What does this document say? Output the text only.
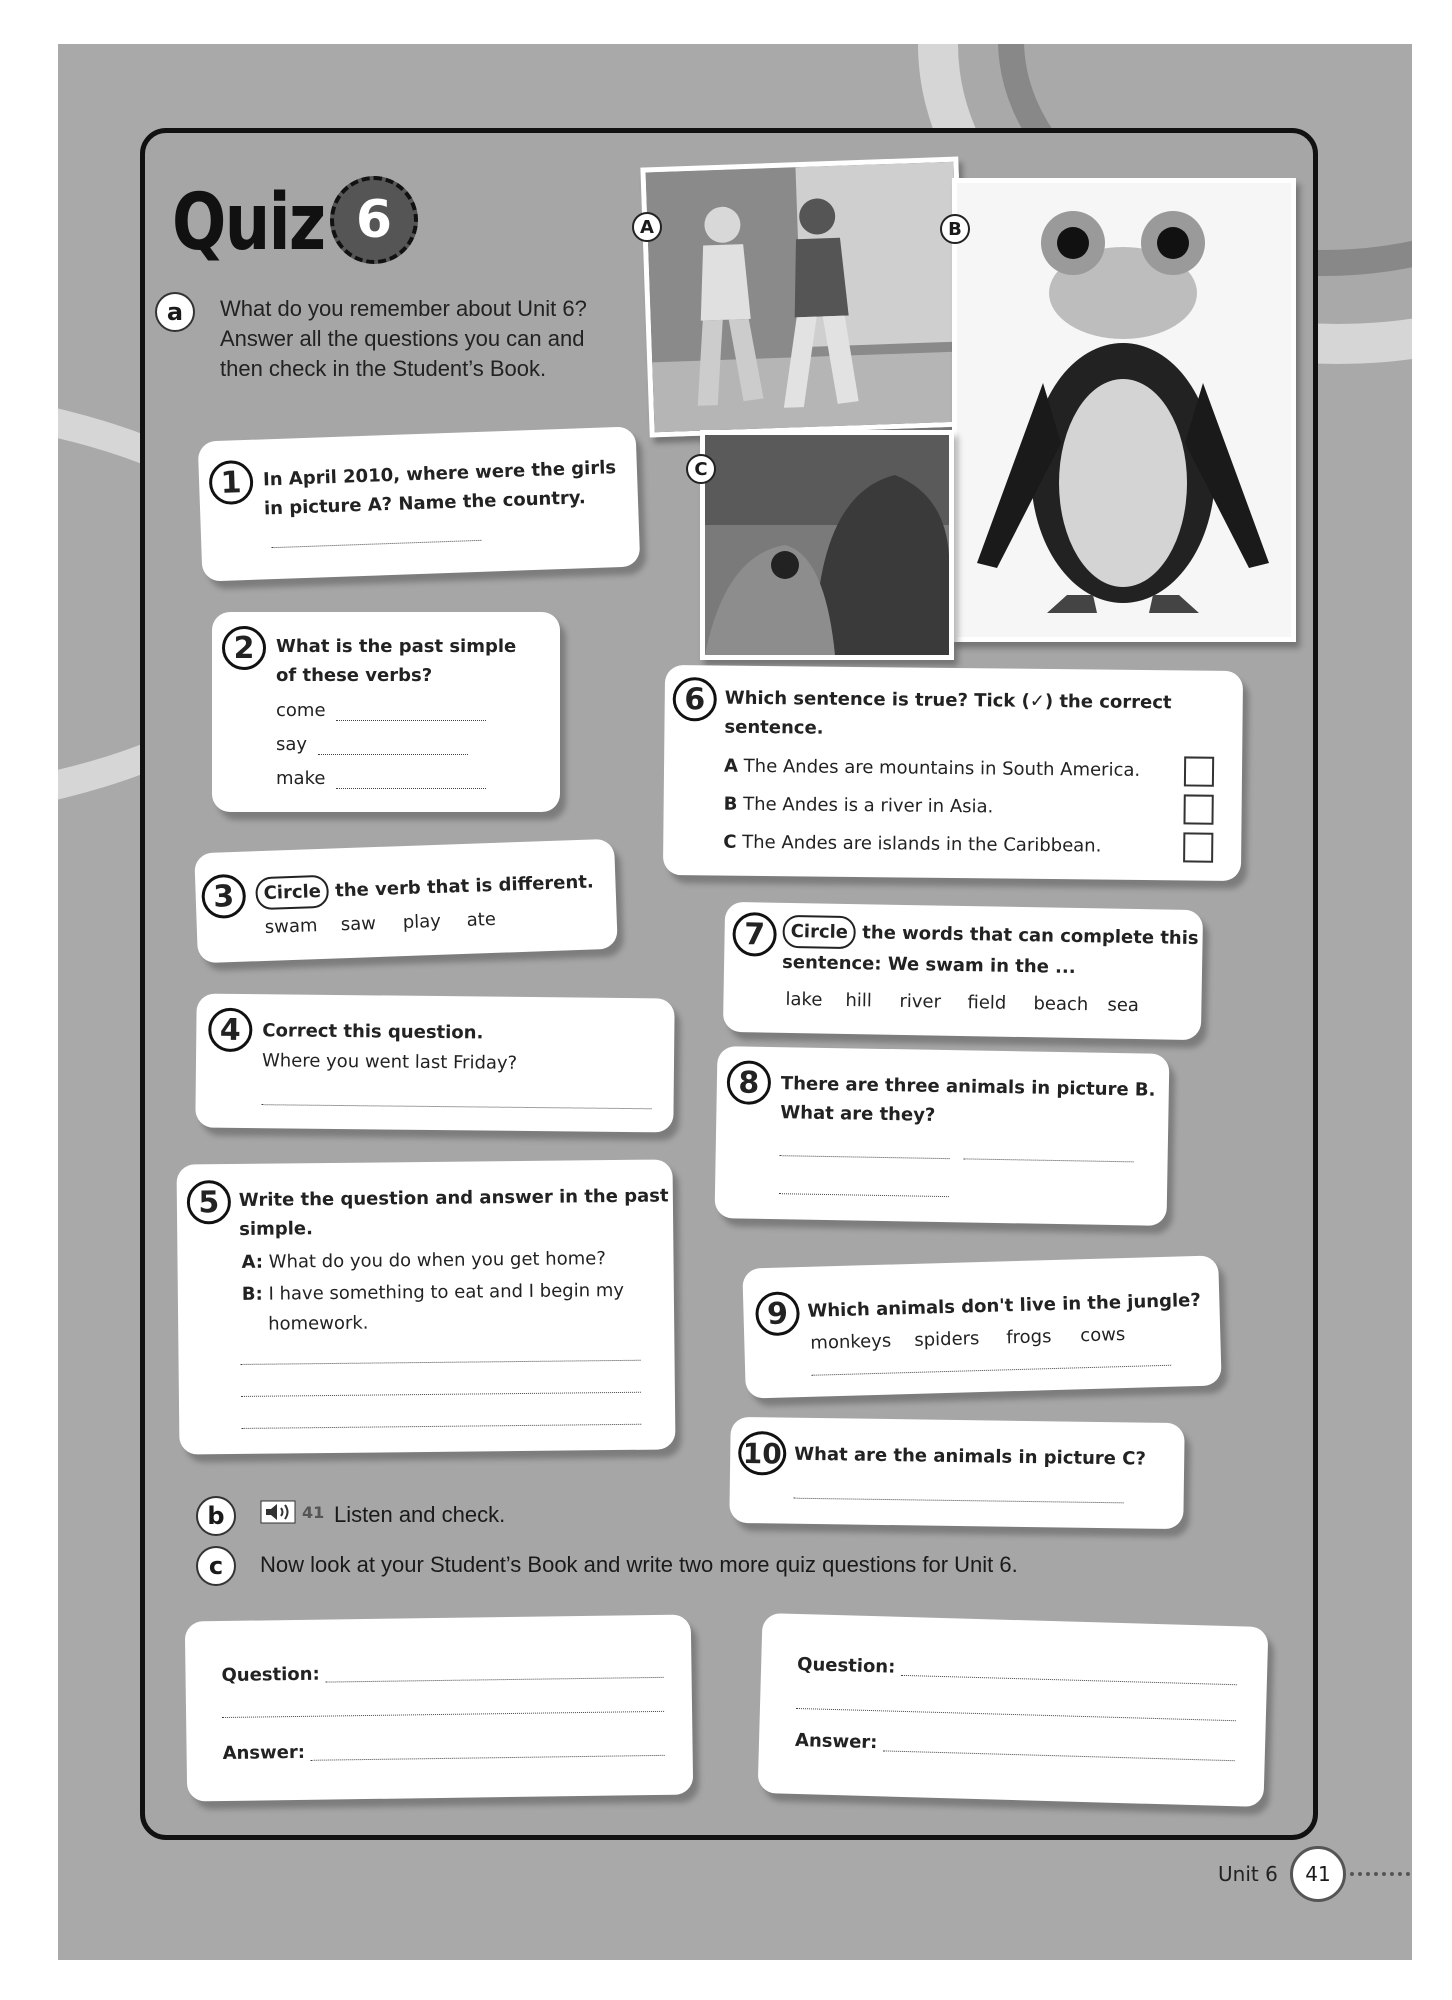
Quiz 6
a	What do you remember about Unit 6?
Answer all the questions you can and
then check in the Student’s Book.
A	B
C
1	In April 2010, where were the girls
in picture A? Name the country.
2	What is the past simple
of these verbs?
come
say
make
3	Circle the verb that is different.
swam saw play ate
4	Correct this question.
Where you went last Friday?
5	Write the question and answer in the past
simple.
A: What do you do when you get home?
B: I have something to eat and I begin my
homework.
6	Which sentence is true? Tick (✓) the correct
sentence.
A The Andes are mountains in South America.
B The Andes is a river in Asia.
C The Andes are islands in the Caribbean.
7	Circle the words that can complete this
sentence: We swam in the ...
lake hill river field beach sea
8	There are three animals in picture B.
What are they?
9	Which animals don't live in the jungle?
monkeys spiders frogs cows
10 What are the animals in picture C?
b	41 Listen and check.
c	Now look at your Student’s Book and write two more quiz questions for Unit 6.
Question:
Answer:
Question:
Answer:
Unit 6	41
